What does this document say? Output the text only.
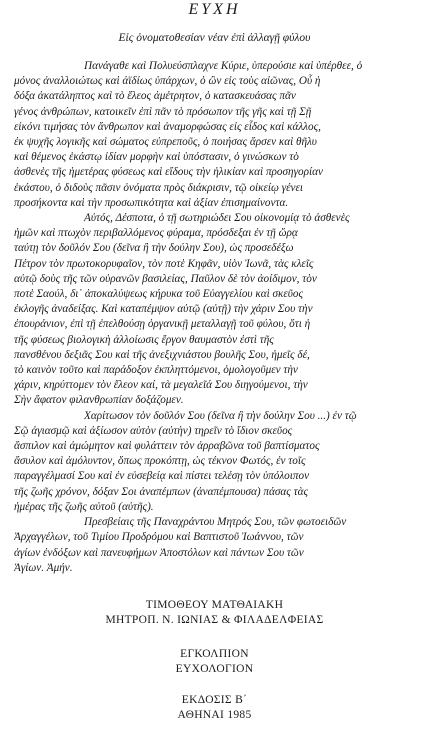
ΕΥΧΗ
Εἰς ὀνοματοθεσίαν νέαν ἐπὶ ἀλλαγῇ φύλου
Πανάγαθε καὶ Πολυεύσπλαχνε Κύριε, ὑπερούσιε καὶ ὑπέρθεε, ὁ
μόνος ἀναλλοιώτως καὶ ἀϊδίως ὑπάρχων, ὁ ὢν εἰς τοὺς αἰῶνας, Οὗ ἡ
δόξα ἀκατάληπτος καὶ τὸ ἔλεος ἀμέτρητον, ὁ κατασκευάσας πᾶν
γένος ἀνθρώπων, κατοικεῖν ἐπὶ πᾶν τὸ πρόσωπον τῆς γῆς καὶ τῇ Σῇ
εἰκόνι τιμήσας τὸν ἄνθρωπον καὶ ἀναμορφώσας εἰς εἶδος καὶ κάλλος,
ἐκ ψυχῆς λογικῆς καὶ σώματος εὐπρεποῦς, ὁ ποιήσας ἄρσεν καὶ θῆλυ
καὶ θέμενος ἑκάστῳ ἰδίαν μορφὴν καὶ ὑπόστασιν, ὁ γινώσκων τὸ
ἀσθενὲς τῆς ἡμετέρας φύσεως καὶ εἴδους τὴν ἡλικίαν καὶ προσηγορίαν
ἑκάστου, ὁ διδοὺς πᾶσιν ὀνόματα πρὸς διάκρισιν, τῷ οἰκείῳ γένει
προσήκοντα καὶ τὴν προσωπικότητα καὶ ἀξίαν ἐπισημαίνοντα.
Αὐτός, Δέσποτα, ὁ τῇ σωτηριώδει Σου οἰκονομίᾳ τὸ ἀσθενὲς
ἡμῶν καὶ πτωχὸν περιβαλλόμενος φύραμα, πρόσδεξαι ἐν τῇ ὥρᾳ
ταύτῃ τὸν δοῦλόν Σου (δεῖνα ἢ τὴν δούλην Σου), ὡς προσεδέξω
Πέτρον τὸν πρωτοκορυφαῖον, τὸν ποτὲ Κηφᾶν, υἱὸν Ἰωνᾶ, τὰς κλεῖς
αὐτῷ δοὺς τῆς τῶν οὐρανῶν βασιλείας, Παῦλον δὲ τὸν ἀοίδιμον, τὸν
ποτὲ Σαούλ, δι᾿ ἀποκαλύψεως κήρυκα τοῦ Εὐαγγελίου καὶ σκεῦος
ἐκλογῆς ἀναδείξας. Καὶ καταπέμψον αὐτῷ (αὐτῇ) τὴν χάριν Σου τὴν
ἐπουράνιον, ἐπὶ τῇ ἐπελθούσῃ ὀργανικῇ μεταλλαγῇ τοῦ φύλου, ὅτι ἡ
τῆς φύσεως βιολογικὴ ἀλλοίωσις ἔργον θαυμαστὸν ἐστὶ τῆς
πανσθένου δεξιᾶς Σου καὶ τῆς ἀνεξιχνιάστου βουλῆς Σου, ἡμεῖς δέ,
τὸ καινὸν τοῦτο καὶ παράδοξον ἐκπληττόμενοι, ὁμολογοῦμεν τὴν
χάριν, κηρύττομεν τὸν ἔλεον καί, τὰ μεγαλεῖά Σου διηγούμενοι, τὴν
Σὴν ἄφατον φιλανθρωπίαν δοξάζομεν.
Χαρίτωσον τὸν δοῦλόν Σου (δεῖνα ἢ τὴν δούλην Σου ...) ἐν τῷ
Σῷ ἁγιασμῷ καὶ ἀξίωσον αὐτὸν (αὐτὴν) τηρεῖν τὸ ἴδιον σκεῦος
ἄσπιλον καὶ ἀμώμητον καὶ φυλάττειν τὸν ἀρραβῶνα τοῦ βαπτίσματος
ἄσυλον καὶ ἀμόλυντον, ὅπως προκόπτῃ, ὡς τέκνον Φωτός, ἐν τοῖς
παραγγέλμασί Σου καὶ ἐν εὐσεβείᾳ καὶ πίστει τελέσῃ τὸν ὑπόλοιπον
τῆς ζωῆς χρόνον, δόξαν Σοι ἀναπέμπων (ἀναπέμπουσα) πάσας τὰς
ἡμέρας τῆς ζωῆς αὐτοῦ (αὐτῆς).
Πρεσβείαις τῆς Παναχράντου Μητρός Σου, τῶν φωτοειδῶν
Ἀρχαγγέλων, τοῦ Τιμίου Προδρόμου καὶ Βαπτιστοῦ Ἰωάννου, τῶν
ἁγίων ἐνδόξων καὶ πανευφήμων Ἀποστόλων καὶ πάντων Σου τῶν
Ἁγίων. Ἀμήν.
ΤΙΜΟΘΕΟΥ ΜΑΤΘΑΙΑΚΗ
ΜΗΤΡΟΠ. Ν. ΙΩΝΙΑΣ & ΦΙΛΑΔΕΛΦΕΙΑΣ
ΕΓΚΟΛΠΙΟΝ
ΕΥΧΟΛΟΓΙΟΝ
ΕΚΔΟΣΙΣ Β΄
ΑΘΗΝΑΙ 1985
